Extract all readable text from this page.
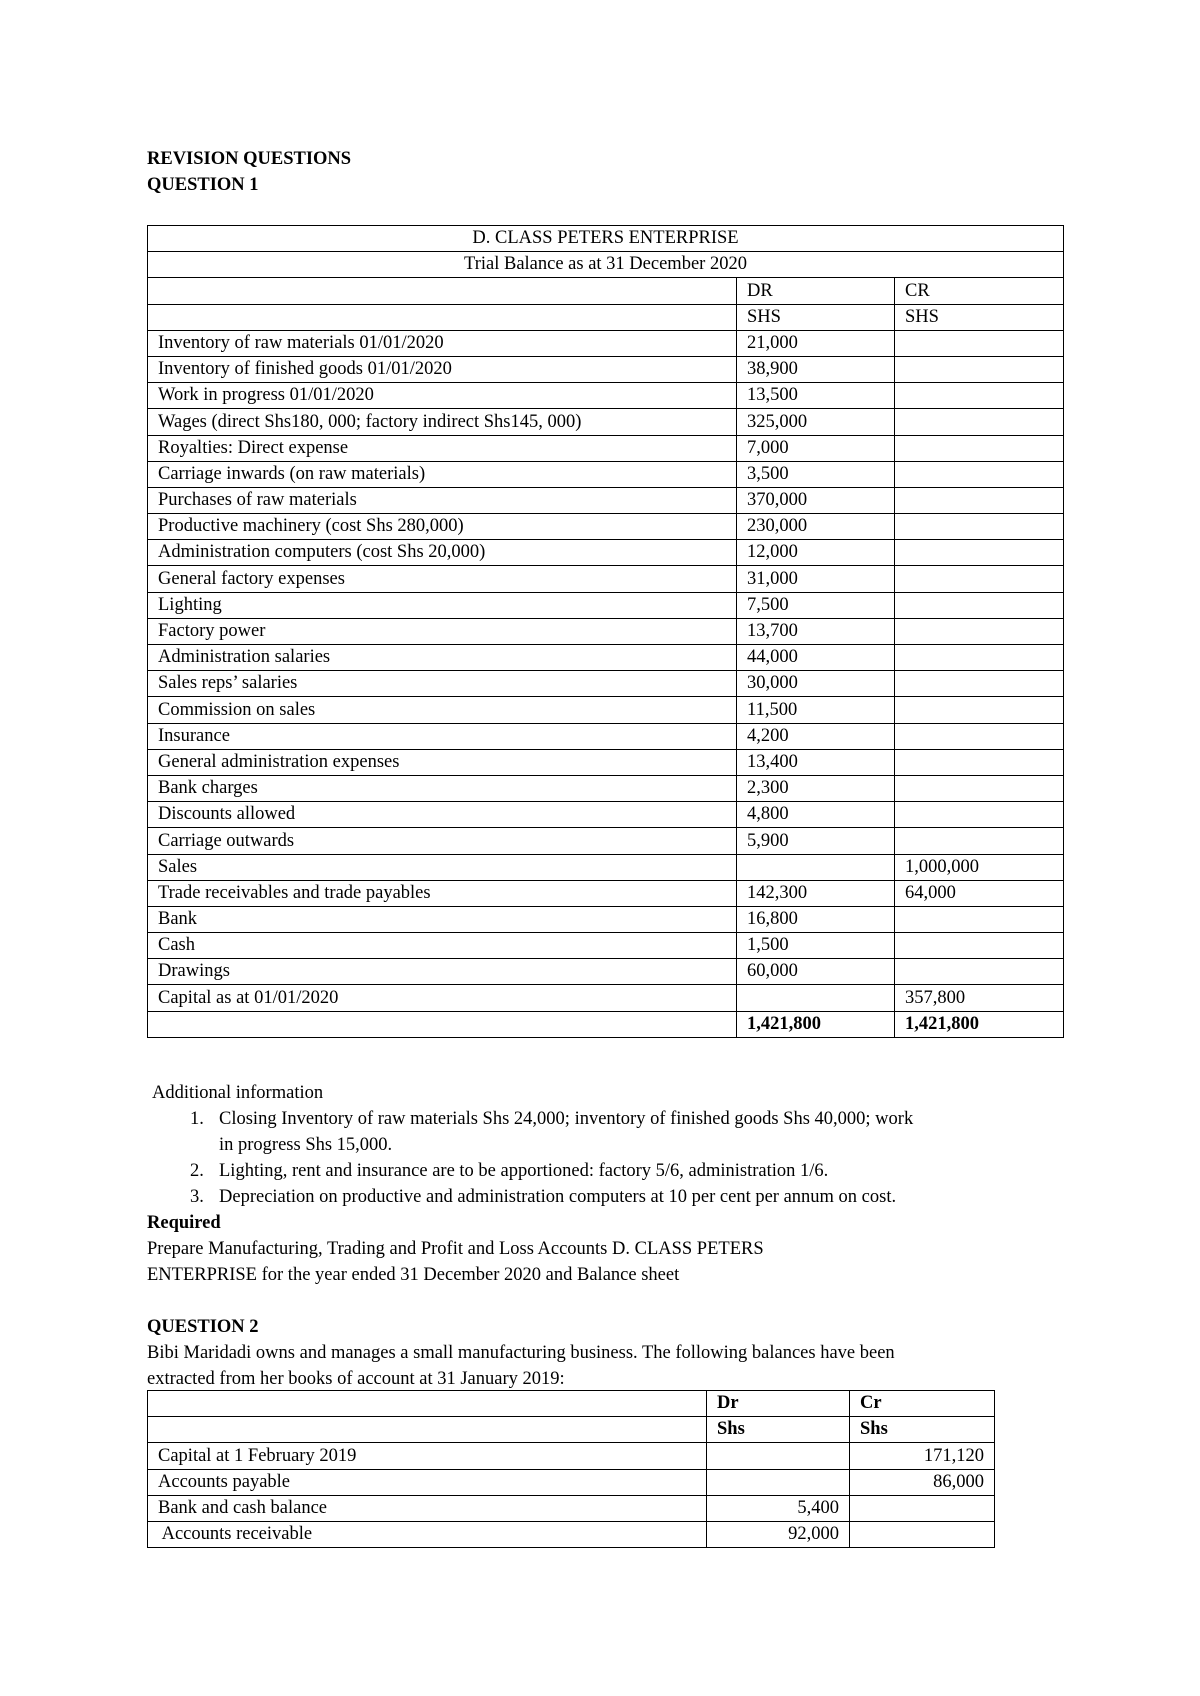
REVISION QUESTIONS
QUESTION 1
D. CLASS PETERS ENTERPRISE		
Trial Balance as at 31 December 2020		
	DR	CR
	SHS	SHS
Inventory of raw materials 01/01/2020	21,000	
Inventory of finished goods 01/01/2020	38,900	
Work in progress 01/01/2020	13,500	
Wages (direct Shs180, 000; factory indirect Shs145, 000)	325,000	
Royalties: Direct expense	7,000	
Carriage inwards (on raw materials)	3,500	
Purchases of raw materials	370,000	
Productive machinery (cost Shs 280,000)	230,000	
Administration computers (cost Shs 20,000)	12,000	
General factory expenses	31,000	
Lighting	7,500	
Factory power	13,700	
Administration salaries	44,000	
Sales reps’ salaries	30,000	
Commission on sales	11,500	
Insurance	4,200	
General administration expenses	13,400	
Bank charges	2,300	
Discounts allowed	4,800	
Carriage outwards	5,900	
Sales		1,000,000
Trade receivables and trade payables	142,300	64,000
Bank	16,800	
Cash	1,500	
Drawings	60,000	
Capital as at 01/01/2020		357,800
	1,421,800	1,421,800
Additional information
1. Closing Inventory of raw materials Shs 24,000; inventory of finished goods Shs 40,000; work
in progress Shs 15,000.
2. Lighting, rent and insurance are to be apportioned: factory 5/6, administration 1/6.
3. Depreciation on productive and administration computers at 10 per cent per annum on cost.
Required
Prepare Manufacturing, Trading and Profit and Loss Accounts D. CLASS PETERS
ENTERPRISE for the year ended 31 December 2020 and Balance sheet
QUESTION 2
Bibi Maridadi owns and manages a small manufacturing business. The following balances have been
extracted from her books of account at 31 January 2019:
	Dr	Cr
	Shs	Shs
Capital at 1 February 2019		171,120
Accounts payable		86,000
Bank and cash balance	5,400	
Accounts receivable	92,000	
